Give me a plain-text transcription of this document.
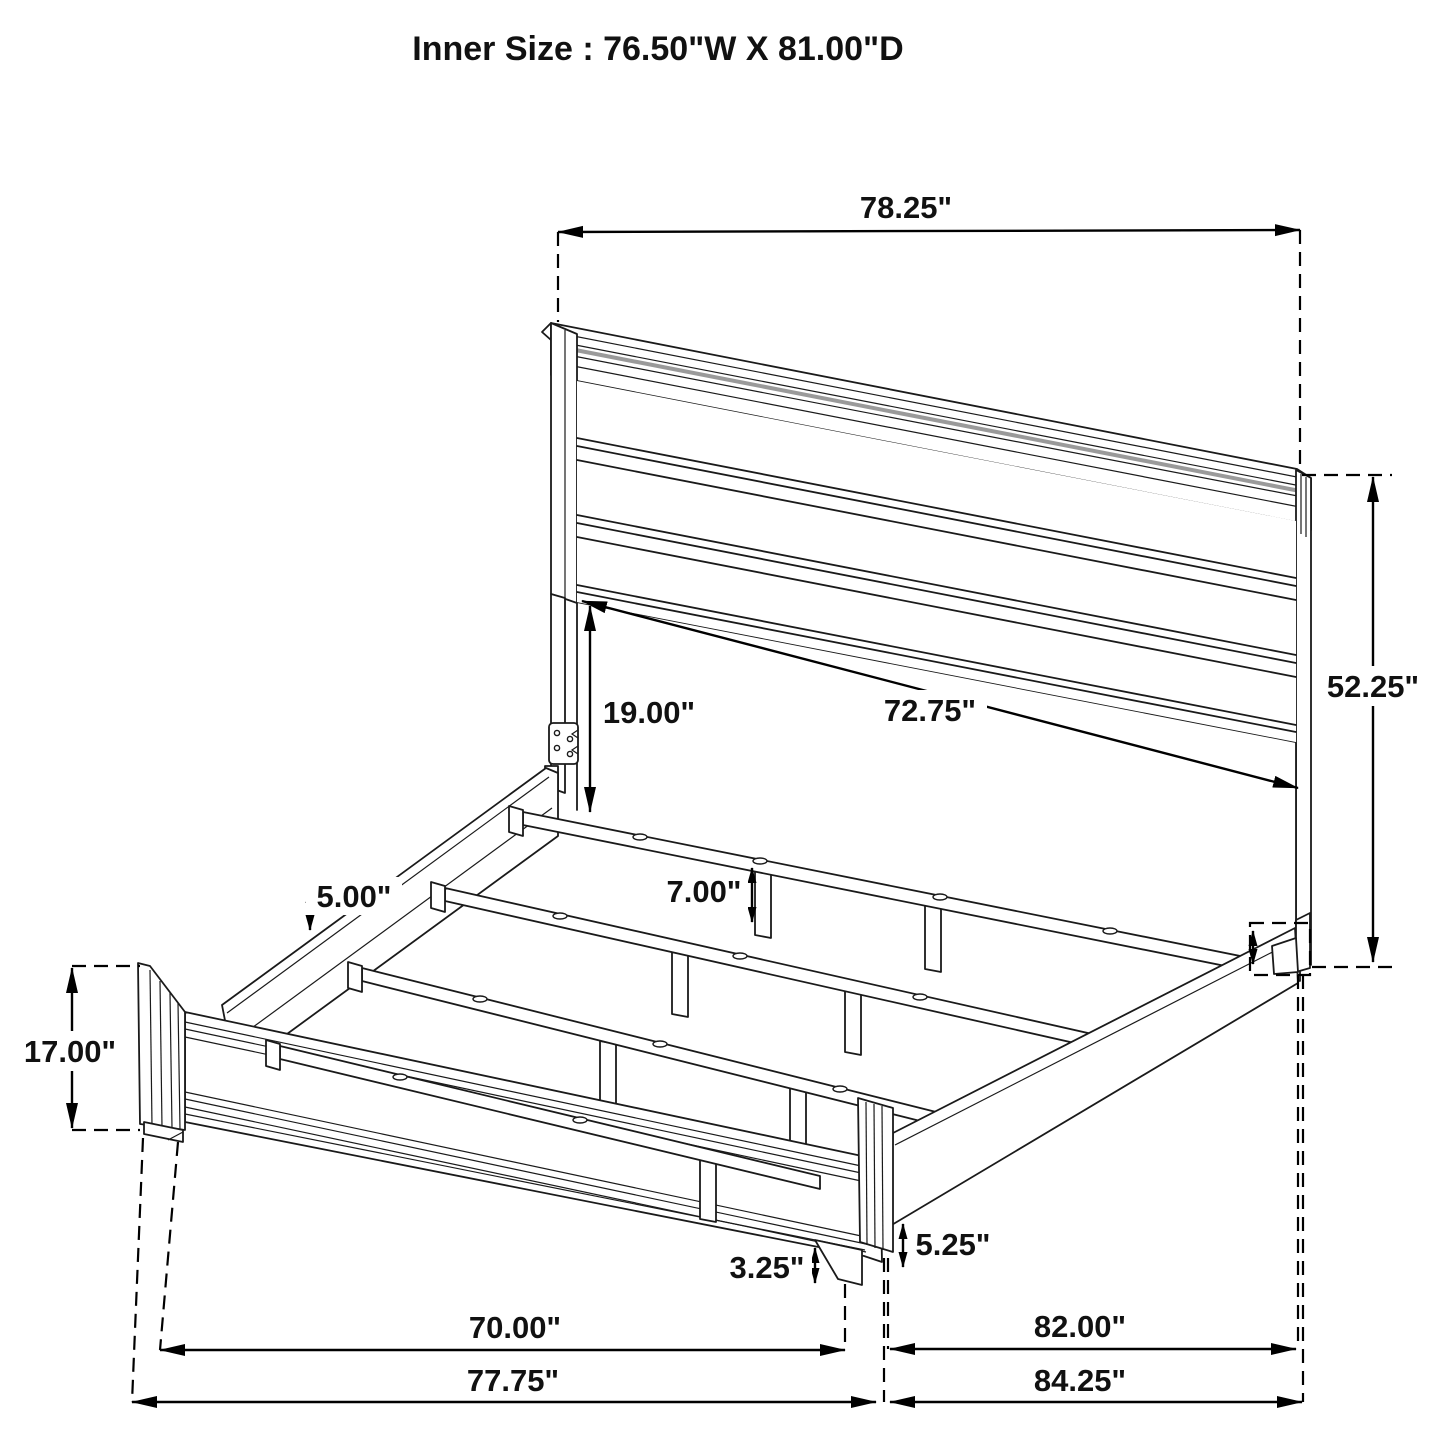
Inner Size : 76.50"W X 81.00"D
78.25"
52.25"
72.75"
19.00"
5.00"	7.00"
17.00"
3.25"
5.25"
70.00"	82.00"
77.75"	84.25"
